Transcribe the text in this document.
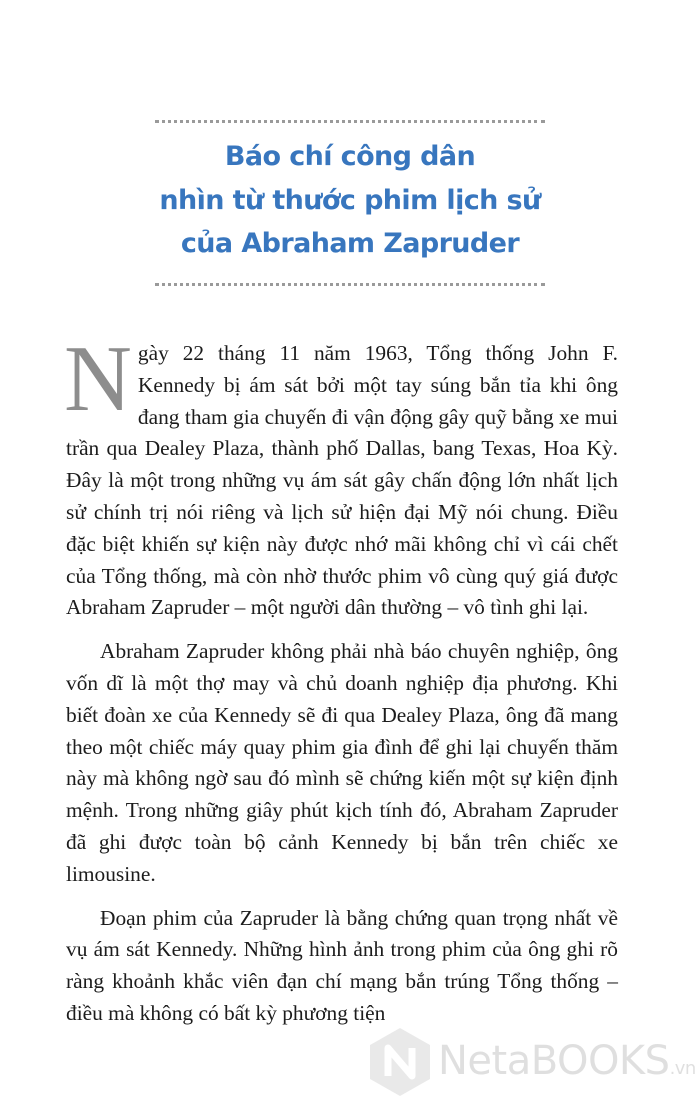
Báo chí công dân
nhìn từ thước phim lịch sử
của Abraham Zapruder

Ngày 22 tháng 11 năm 1963, Tổng thống John F. Kennedy bị ám sát bởi một tay súng bắn tỉa khi ông đang tham gia chuyến đi vận động gây quỹ bằng xe mui trần qua Dealey Plaza, thành phố Dallas, bang Texas, Hoa Kỳ. Đây là một trong những vụ ám sát gây chấn động lớn nhất lịch sử chính trị nói riêng và lịch sử hiện đại Mỹ nói chung. Điều đặc biệt khiến sự kiện này được nhớ mãi không chỉ vì cái chết của Tổng thống, mà còn nhờ thước phim vô cùng quý giá được Abraham Zapruder – một người dân thường – vô tình ghi lại.

Abraham Zapruder không phải nhà báo chuyên nghiệp, ông vốn dĩ là một thợ may và chủ doanh nghiệp địa phương. Khi biết đoàn xe của Kennedy sẽ đi qua Dealey Plaza, ông đã mang theo một chiếc máy quay phim gia đình để ghi lại chuyến thăm này mà không ngờ sau đó mình sẽ chứng kiến một sự kiện định mệnh. Trong những giây phút kịch tính đó, Abraham Zapruder đã ghi được toàn bộ cảnh Kennedy bị bắn trên chiếc xe limousine.

Đoạn phim của Zapruder là bằng chứng quan trọng nhất về vụ ám sát Kennedy. Những hình ảnh trong phim của ông ghi rõ ràng khoảnh khắc viên đạn chí mạng bắn trúng Tổng thống – điều mà không có bất kỳ phương tiện

NetaBOOKS.vn
